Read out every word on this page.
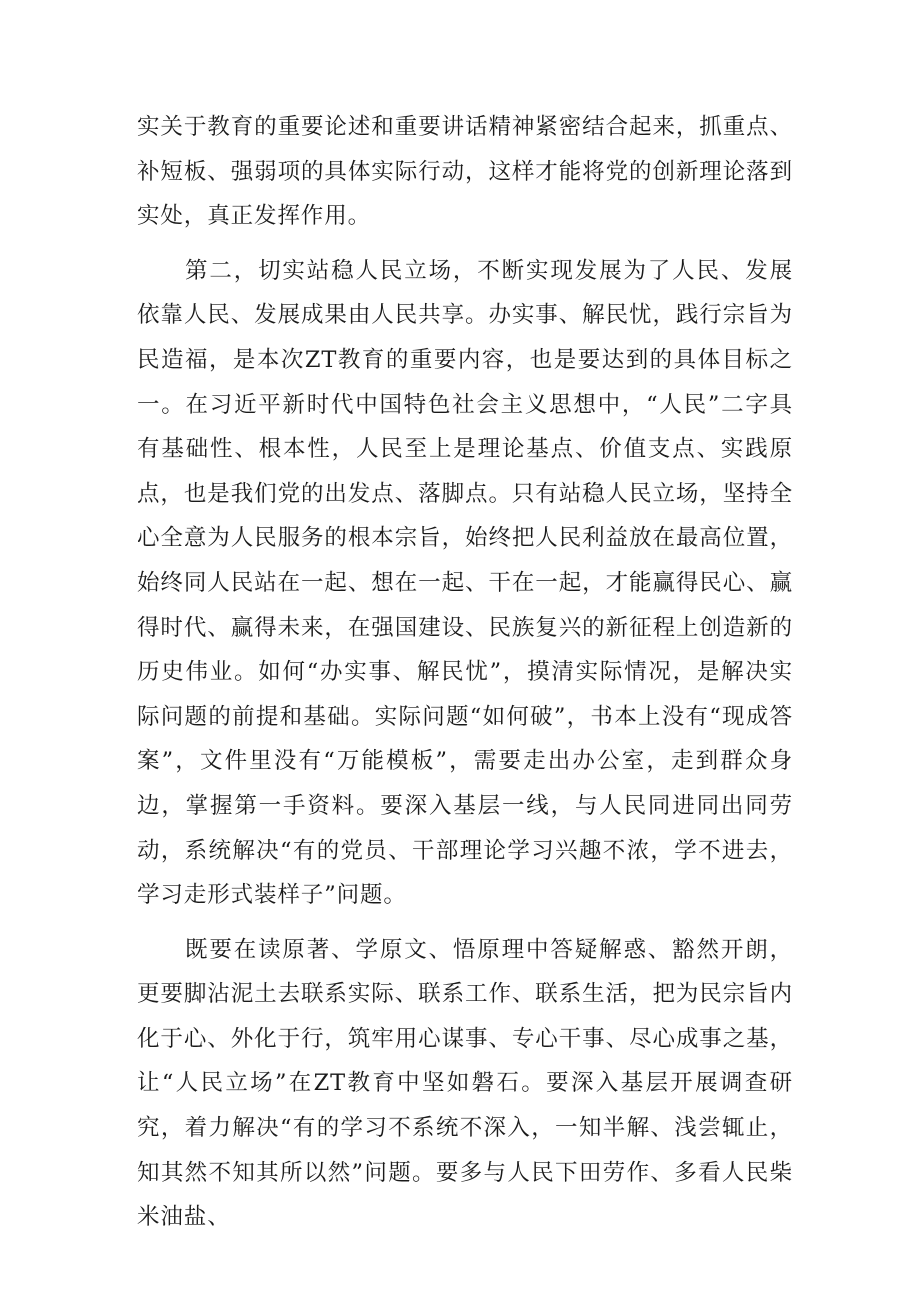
实关于教育的重要论述和重要讲话精神紧密结合起来，抓重点、补短板、强弱项的具体实际行动，这样才能将党的创新理论落到实处，真正发挥作用。

第二，切实站稳人民立场，不断实现发展为了人民、发展依靠人民、发展成果由人民共享。办实事、解民忧，践行宗旨为民造福，是本次ZT教育的重要内容，也是要达到的具体目标之一。在习近平新时代中国特色社会主义思想中，“人民”二字具有基础性、根本性，人民至上是理论基点、价值支点、实践原点，也是我们党的出发点、落脚点。只有站稳人民立场，坚持全心全意为人民服务的根本宗旨，始终把人民利益放在最高位置，始终同人民站在一起、想在一起、干在一起，才能赢得民心、赢得时代、赢得未来，在强国建设、民族复兴的新征程上创造新的历史伟业。如何“办实事、解民忧”，摸清实际情况，是解决实际问题的前提和基础。实际问题“如何破”，书本上没有“现成答案”，文件里没有“万能模板”，需要走出办公室，走到群众身边，掌握第一手资料。要深入基层一线，与人民同进同出同劳动，系统解决“有的党员、干部理论学习兴趣不浓，学不进去，学习走形式装样子”问题。

既要在读原著、学原文、悟原理中答疑解惑、豁然开朗，更要脚沾泥土去联系实际、联系工作、联系生活，把为民宗旨内化于心、外化于行，筑牢用心谋事、专心干事、尽心成事之基，让“人民立场”在ZT教育中坚如磐石。要深入基层开展调查研究，着力解决“有的学习不系统不深入，一知半解、浅尝辄止，知其然不知其所以然”问题。要多与人民下田劳作、多看人民柴米油盐、
